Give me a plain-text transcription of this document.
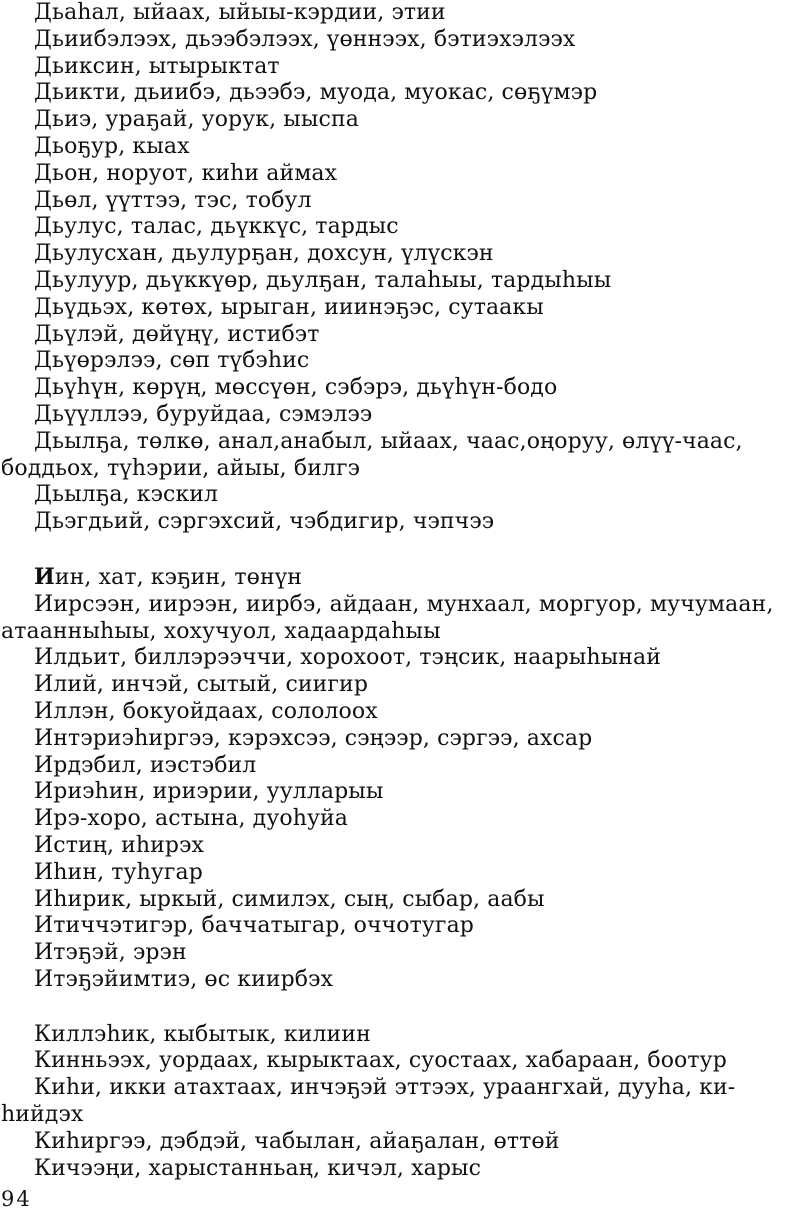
Дьаhал, ыйаах, ыйыы-кэрдии, этии

Дьиибэлээх, дьээбэлээх, үөннээх, бэтиэхэлээх

Дьиксин, ытырыктат

Дьикти, дьиибэ, дьээбэ, муода, муокас, сөҕүмэр

Дьиэ, ураҕай, уорук, ыыспа

Дьоҕур, кыах

Дьон, норуот, киhи аймах

Дьөл, үүттээ, тэс, тобул

Дьулус, талас, дьүккүс, тардыс

Дьулусхан, дьулурҕан, дохсун, үлүскэн

Дьулуур, дьүккүөр, дьулҕан, талаhыы, тардыhыы

Дьүдьэх, көтөх, ырыган, ииинэҕэс, сутаакы

Дьүлэй, дөйүңү, истибэт

Дьүөрэлээ, сөп түбэhис

Дьүhүн, көрүң, мөссүөн, сэбэрэ, дьүhүн-бодо

Дьүүллээ, буруйдаа, сэмэлээ

Дьылҕа, төлкө, анал,анабыл, ыйаах, чаас,оңоруу, өлүү-чаас,

боддьох, түhэрии, айыы, билгэ

Дьылҕа, кэскил

Дьэгдьий, сэргэхсий, чэбдигир, чэпчээ

Иин, хат, кэҕин, төнүн

Иирсээн, иирээн, иирбэ, айдаан, мунхаал, моргуор, мучумаан,

атаанныhыы, хохучуол, хадаардаhыы

Илдьит, биллэрээччи, хорохоот, тэңсик, наарыhынай

Илий, инчэй, сытый, сиигир

Иллэн, бокуойдаах, сололоох

Интэриэhиргээ, кэрэхсээ, сэңээр, сэргээ, ахсар

Ирдэбил, иэстэбил

Ириэhин, ириэрии, уулларыы

Ирэ-хоро, астына, дуоhуйа

Истиң, иhирэх

Иhин, туhугар

Иhирик, ыркый, симилэх, сың, сыбар, аабы

Итиччэтигэр, баччатыгар, оччотугар

Итэҕэй, эрэн

Итэҕэйимтиэ, өс киирбэх

Киллэhик, кыбытык, килиин

Кинньээх, уордаах, кырыктаах, суостаах, хабараан, боотур

Киhи, икки атахтаах, инчэҕэй эттээх, ураангхай, дууhа, ки-

hийдэх

Киhиргээ, дэбдэй, чабылан, айаҕалан, өттөй

Кичээңи, харыстанньаң, кичэл, харыс

94
